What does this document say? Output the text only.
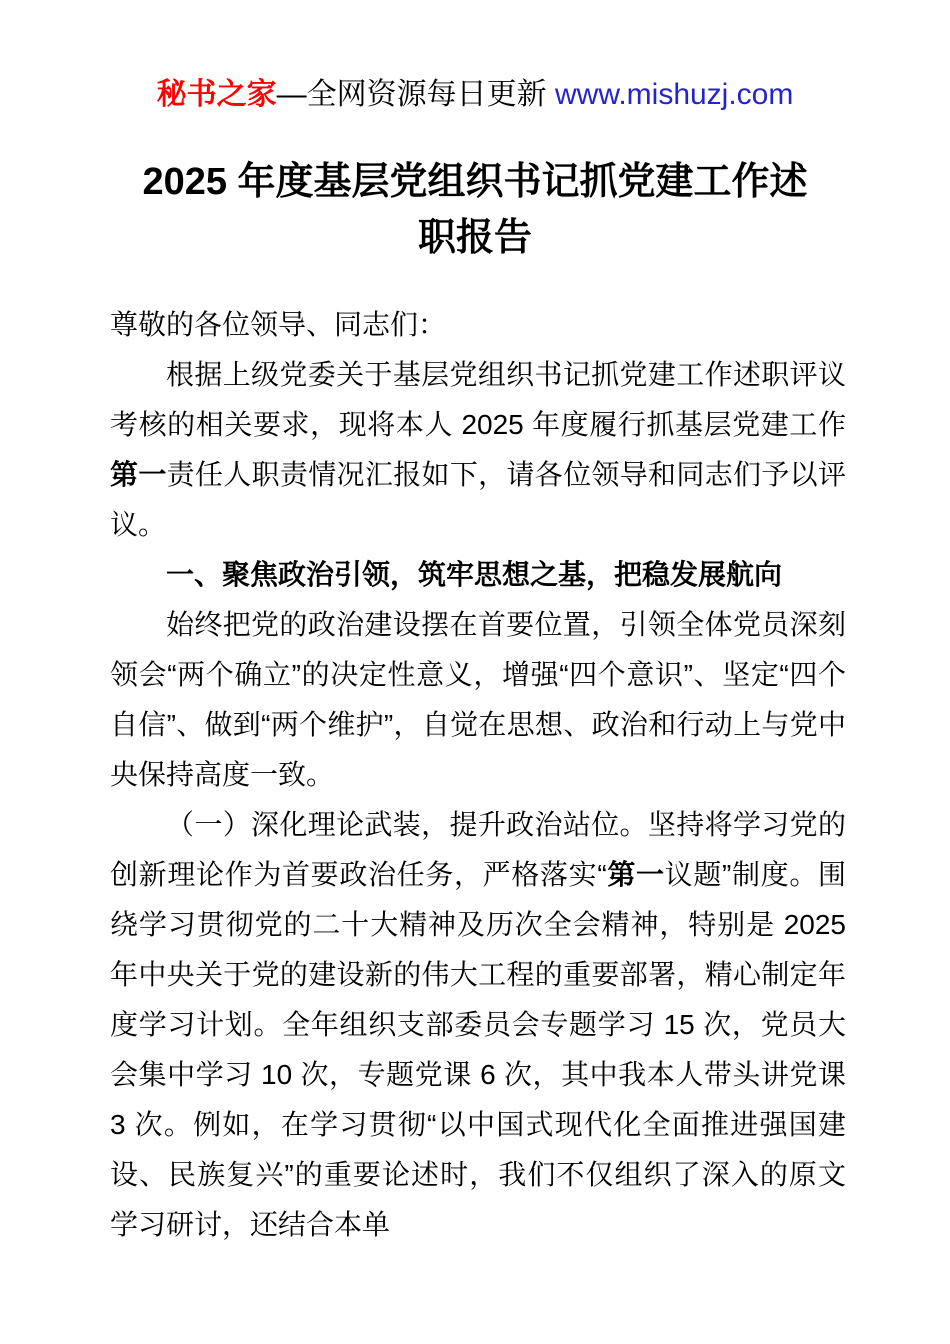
秘书之家—全网资源每日更新 www.mishuzj.com
2025 年度基层党组织书记抓党建工作述职报告

尊敬的各位领导、同志们：

根据上级党委关于基层党组织书记抓党建工作述职评议考核的相关要求，现将本人 2025 年度履行抓基层党建工作第一责任人职责情况汇报如下，请各位领导和同志们予以评议。

一、聚焦政治引领，筑牢思想之基，把稳发展航向

始终把党的政治建设摆在首要位置，引领全体党员深刻领会“两个确立”的决定性意义，增强“四个意识”、坚定“四个自信”、做到“两个维护”，自觉在思想、政治和行动上与党中央保持高度一致。

（一）深化理论武装，提升政治站位。坚持将学习党的创新理论作为首要政治任务，严格落实“第一议题”制度。围绕学习贯彻党的二十大精神及历次全会精神，特别是 2025 年中央关于党的建设新的伟大工程的重要部署，精心制定年度学习计划。全年组织支部委员会专题学习 15 次，党员大会集中学习 10 次，专题党课 6 次，其中我本人带头讲党课 3 次。例如，在学习贯彻“以中国式现代化全面推进强国建设、民族复兴”的重要论述时，我们不仅组织了深入的原文学习研讨，还结合本单
